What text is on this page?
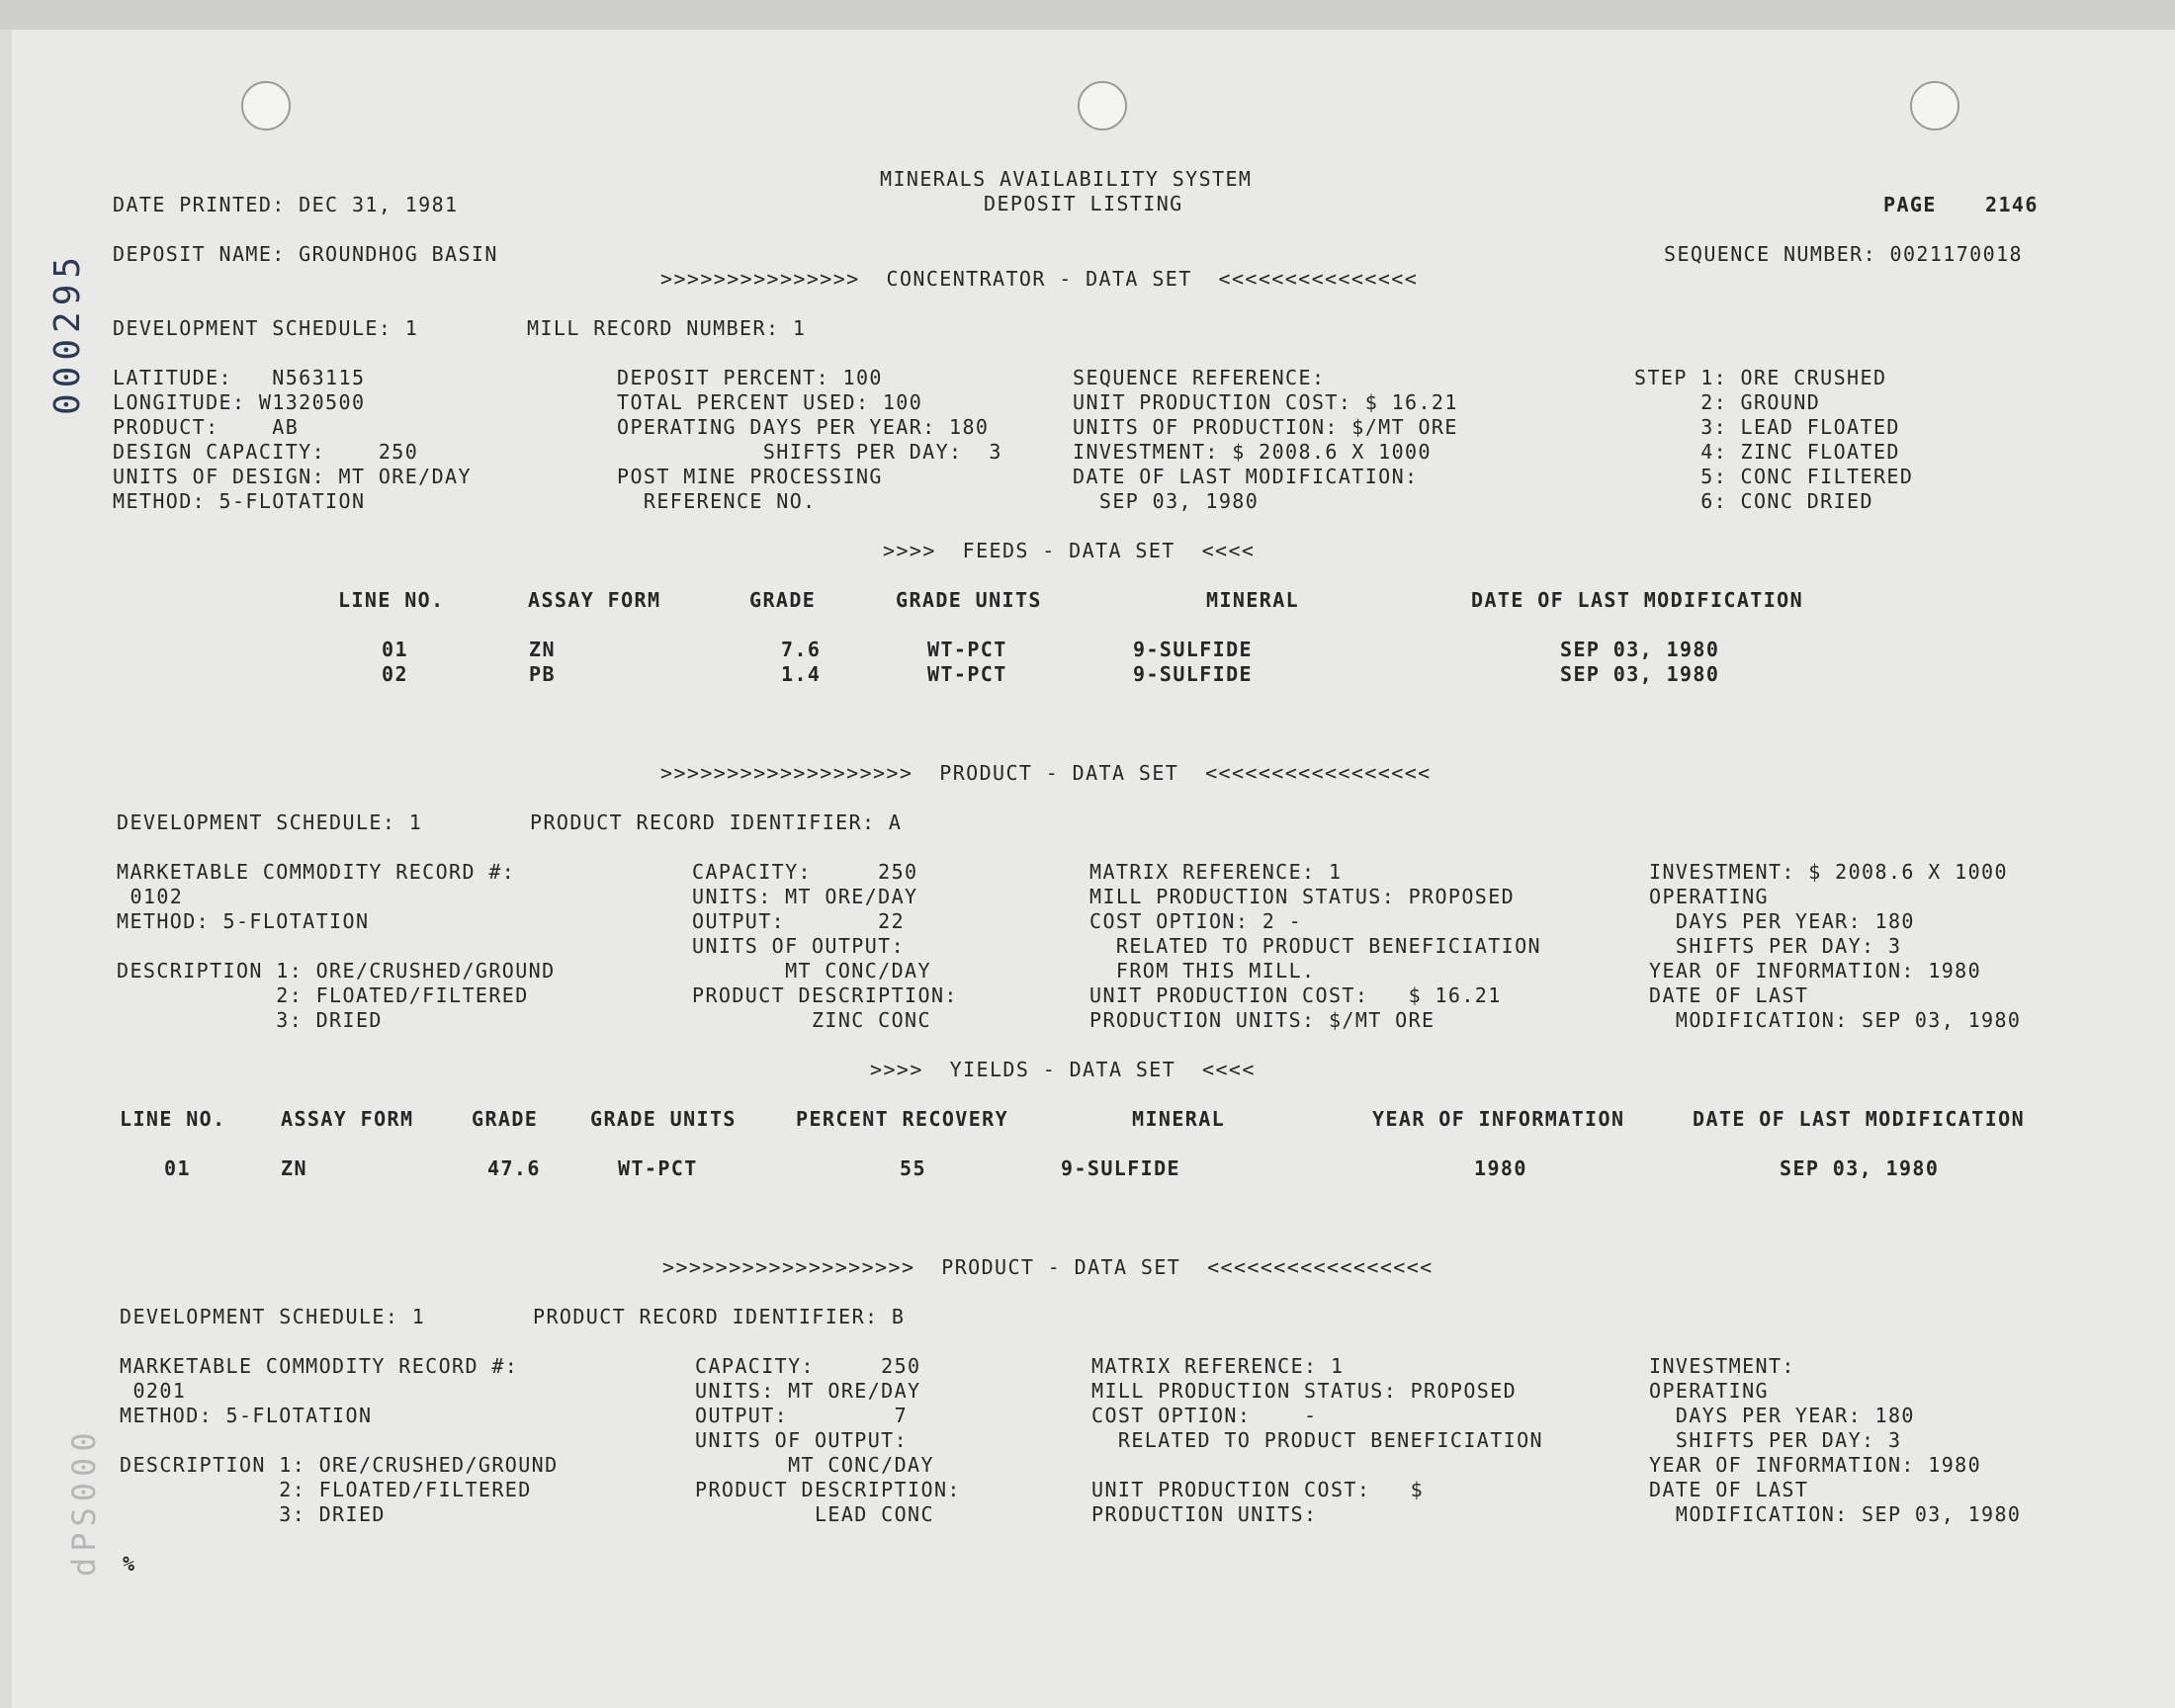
000295
dPS000
MINERALS AVAILABILITY SYSTEM
DEPOSIT LISTING
DATE PRINTED: DEC 31, 1981	PAGE 2146
DEPOSIT NAME: GROUNDHOG BASIN	SEQUENCE NUMBER: 0021170018
>>>>>>>>>>>>>>>  CONCENTRATOR - DATA SET  <<<<<<<<<<<<<<<
DEVELOPMENT SCHEDULE: 1	MILL RECORD NUMBER: 1
LATITUDE:   N563115
LONGITUDE: W1320500
PRODUCT:    AB
DESIGN CAPACITY:    250
UNITS OF DESIGN: MT ORE/DAY
METHOD: 5-FLOTATION
DEPOSIT PERCENT: 100
TOTAL PERCENT USED: 100
OPERATING DAYS PER YEAR: 180
SHIFTS PER DAY:  3
POST MINE PROCESSING
REFERENCE NO.
SEQUENCE REFERENCE:
UNIT PRODUCTION COST: $ 16.21
UNITS OF PRODUCTION: $/MT ORE
INVESTMENT: $ 2008.6 X 1000
DATE OF LAST MODIFICATION:
SEP 03, 1980
STEP 1: ORE CRUSHED
2: GROUND
3: LEAD FLOATED
4: ZINC FLOATED
5: CONC FILTERED
6: CONC DRIED
>>>>  FEEDS - DATA SET  <<<<
LINE NO.	ASSAY FORM	GRADE	GRADE UNITS	MINERAL	DATE OF LAST MODIFICATION
01	ZN	7.6	WT-PCT	9-SULFIDE	SEP 03, 1980
02	PB	1.4	WT-PCT	9-SULFIDE	SEP 03, 1980
>>>>>>>>>>>>>>>>>>>  PRODUCT - DATA SET  <<<<<<<<<<<<<<<<<
DEVELOPMENT SCHEDULE: 1	PRODUCT RECORD IDENTIFIER: A
MARKETABLE COMMODITY RECORD #:
0102
METHOD: 5-FLOTATION
DESCRIPTION 1: ORE/CRUSHED/GROUND
2: FLOATED/FILTERED
3: DRIED
CAPACITY:     250
UNITS: MT ORE/DAY
OUTPUT:       22
UNITS OF OUTPUT:
MT CONC/DAY
PRODUCT DESCRIPTION:
ZINC CONC
MATRIX REFERENCE: 1
MILL PRODUCTION STATUS: PROPOSED
COST OPTION: 2 -
RELATED TO PRODUCT BENEFICIATION
FROM THIS MILL.
UNIT PRODUCTION COST:   $ 16.21
PRODUCTION UNITS: $/MT ORE
INVESTMENT: $ 2008.6 X 1000
OPERATING
DAYS PER YEAR: 180
SHIFTS PER DAY: 3
YEAR OF INFORMATION: 1980
DATE OF LAST
MODIFICATION: SEP 03, 1980
>>>>  YIELDS - DATA SET  <<<<
LINE NO.	ASSAY FORM	GRADE	GRADE UNITS	PERCENT RECOVERY	MINERAL	YEAR OF INFORMATION	DATE OF LAST MODIFICATION
01	ZN	47.6	WT-PCT	55	9-SULFIDE	1980	SEP 03, 1980
>>>>>>>>>>>>>>>>>>>  PRODUCT - DATA SET  <<<<<<<<<<<<<<<<<
DEVELOPMENT SCHEDULE: 1	PRODUCT RECORD IDENTIFIER: B
MARKETABLE COMMODITY RECORD #:
0201
METHOD: 5-FLOTATION
DESCRIPTION 1: ORE/CRUSHED/GROUND
2: FLOATED/FILTERED
3: DRIED
CAPACITY:     250
UNITS: MT ORE/DAY
OUTPUT:        7
UNITS OF OUTPUT:
MT CONC/DAY
PRODUCT DESCRIPTION:
LEAD CONC
MATRIX REFERENCE: 1
MILL PRODUCTION STATUS: PROPOSED
COST OPTION:    -
RELATED TO PRODUCT BENEFICIATION
UNIT PRODUCTION COST:   $
PRODUCTION UNITS:
INVESTMENT:
OPERATING
DAYS PER YEAR: 180
SHIFTS PER DAY: 3
YEAR OF INFORMATION: 1980
DATE OF LAST
MODIFICATION: SEP 03, 1980
%
